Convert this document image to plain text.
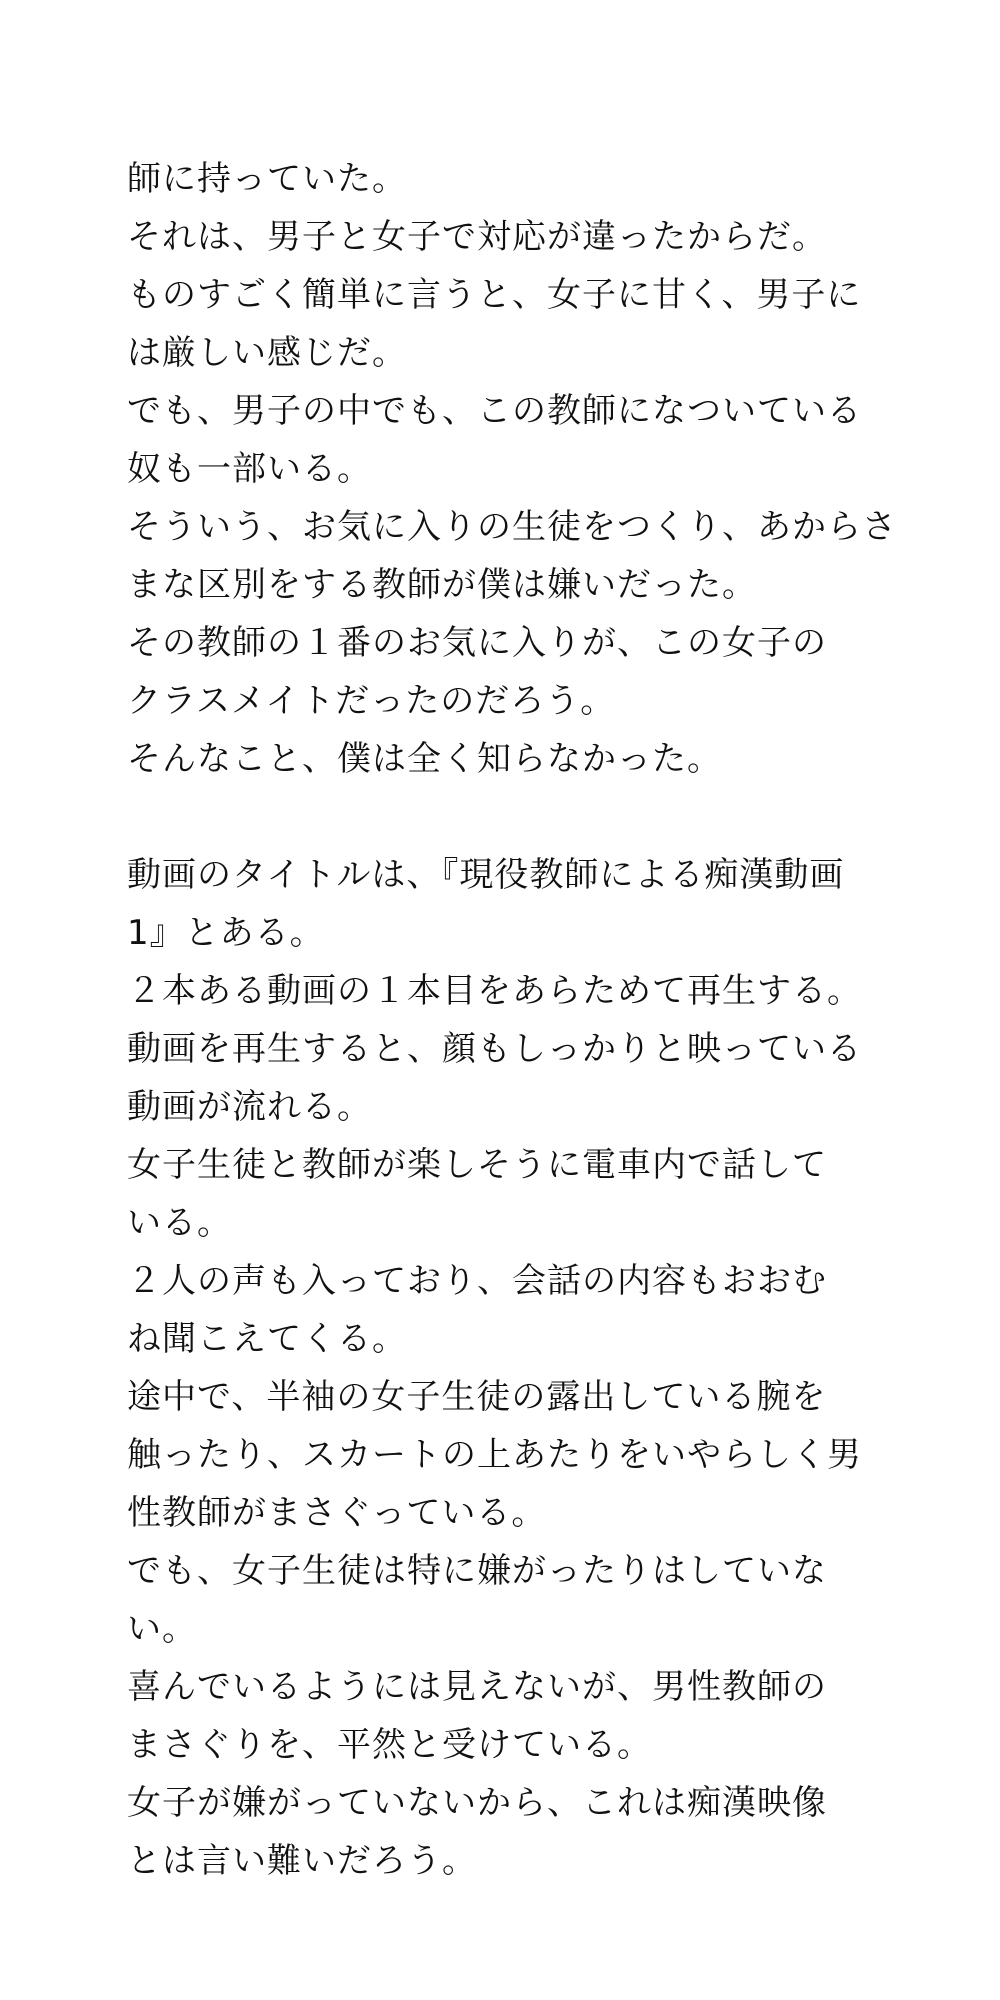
師に持っていた。
それは、男子と女子で対応が違ったからだ。
ものすごく簡単に言うと、女子に甘く、男子に
は厳しい感じだ。
でも、男子の中でも、この教師になついている
奴も一部いる。
そういう、お気に入りの生徒をつくり、あからさ
まな区別をする教師が僕は嫌いだった。
その教師の１番のお気に入りが、この女子の
クラスメイトだったのだろう。
そんなこと、僕は全く知らなかった。
動画のタイトルは、『現役教師による痴漢動画
1』とある。
２本ある動画の１本目をあらためて再生する。
動画を再生すると、顔もしっかりと映っている
動画が流れる。
女子生徒と教師が楽しそうに電車内で話して
いる。
２人の声も入っており、会話の内容もおおむ
ね聞こえてくる。
途中で、半袖の女子生徒の露出している腕を
触ったり、スカートの上あたりをいやらしく男
性教師がまさぐっている。
でも、女子生徒は特に嫌がったりはしていな
い。
喜んでいるようには見えないが、男性教師の
まさぐりを、平然と受けている。
女子が嫌がっていないから、これは痴漢映像
とは言い難いだろう。
